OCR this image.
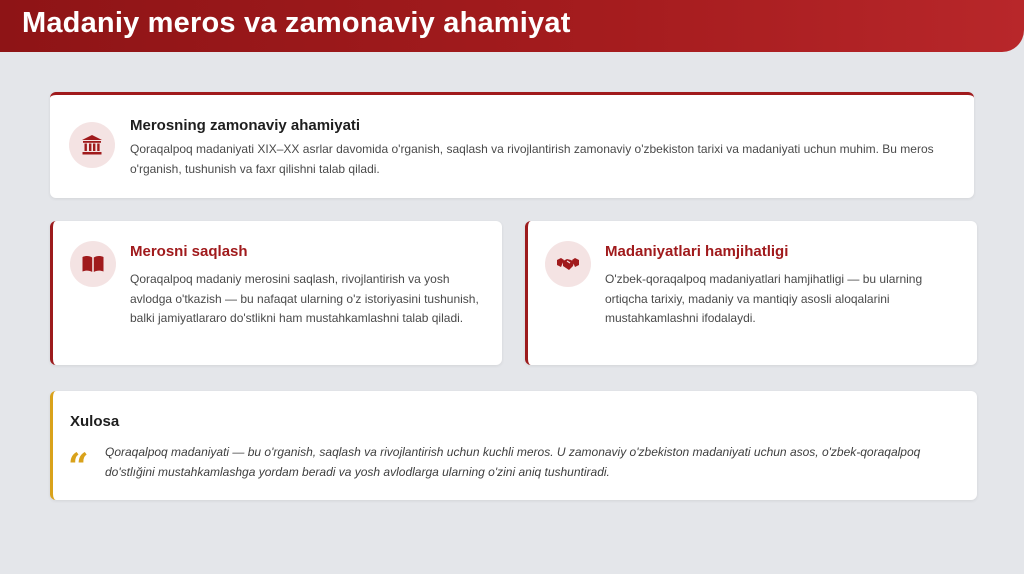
Madaniy meros va zamonaviy ahamiyat
Merosning zamonaviy ahamiyati

Qoraqalpoq madaniyati XIX–XX asrlar davomida o'rganish, saqlash va rivojlantirish zamonaviy o'zbekiston tarixi va madaniyati uchun muhim. Bu meros o'rganish, tushunish va faxr qilishni talab qiladi.

Merosni saqlash

Qoraqalpoq madaniy merosini saqlash, rivojlantirish va yosh avlodga o'tkazish — bu nafaqat ularning o'z istoriyasini tushunish, balki jamiyatlararo do'stlikni ham mustahkamlashni talab qiladi.

Madaniyatlari hamjihatligi

O'zbek-qoraqalpoq madaniyatlari hamjihatligi — bu ularning ortiqcha tarixiy, madaniy va mantiqiy asosli aloqalarini mustahkamlashni ifodalaydi.

Xulosa
“ Qoraqalpoq madaniyati — bu o'rganish, saqlash va rivojlantirish uchun kuchli meros. U zamonaviy o'zbekiston madaniyati uchun asos, o'zbek-qoraqalpoq do'stlığini mustahkamlashga yordam beradi va yosh avlodlarga ularning o'zini aniq tushuntiradi.
